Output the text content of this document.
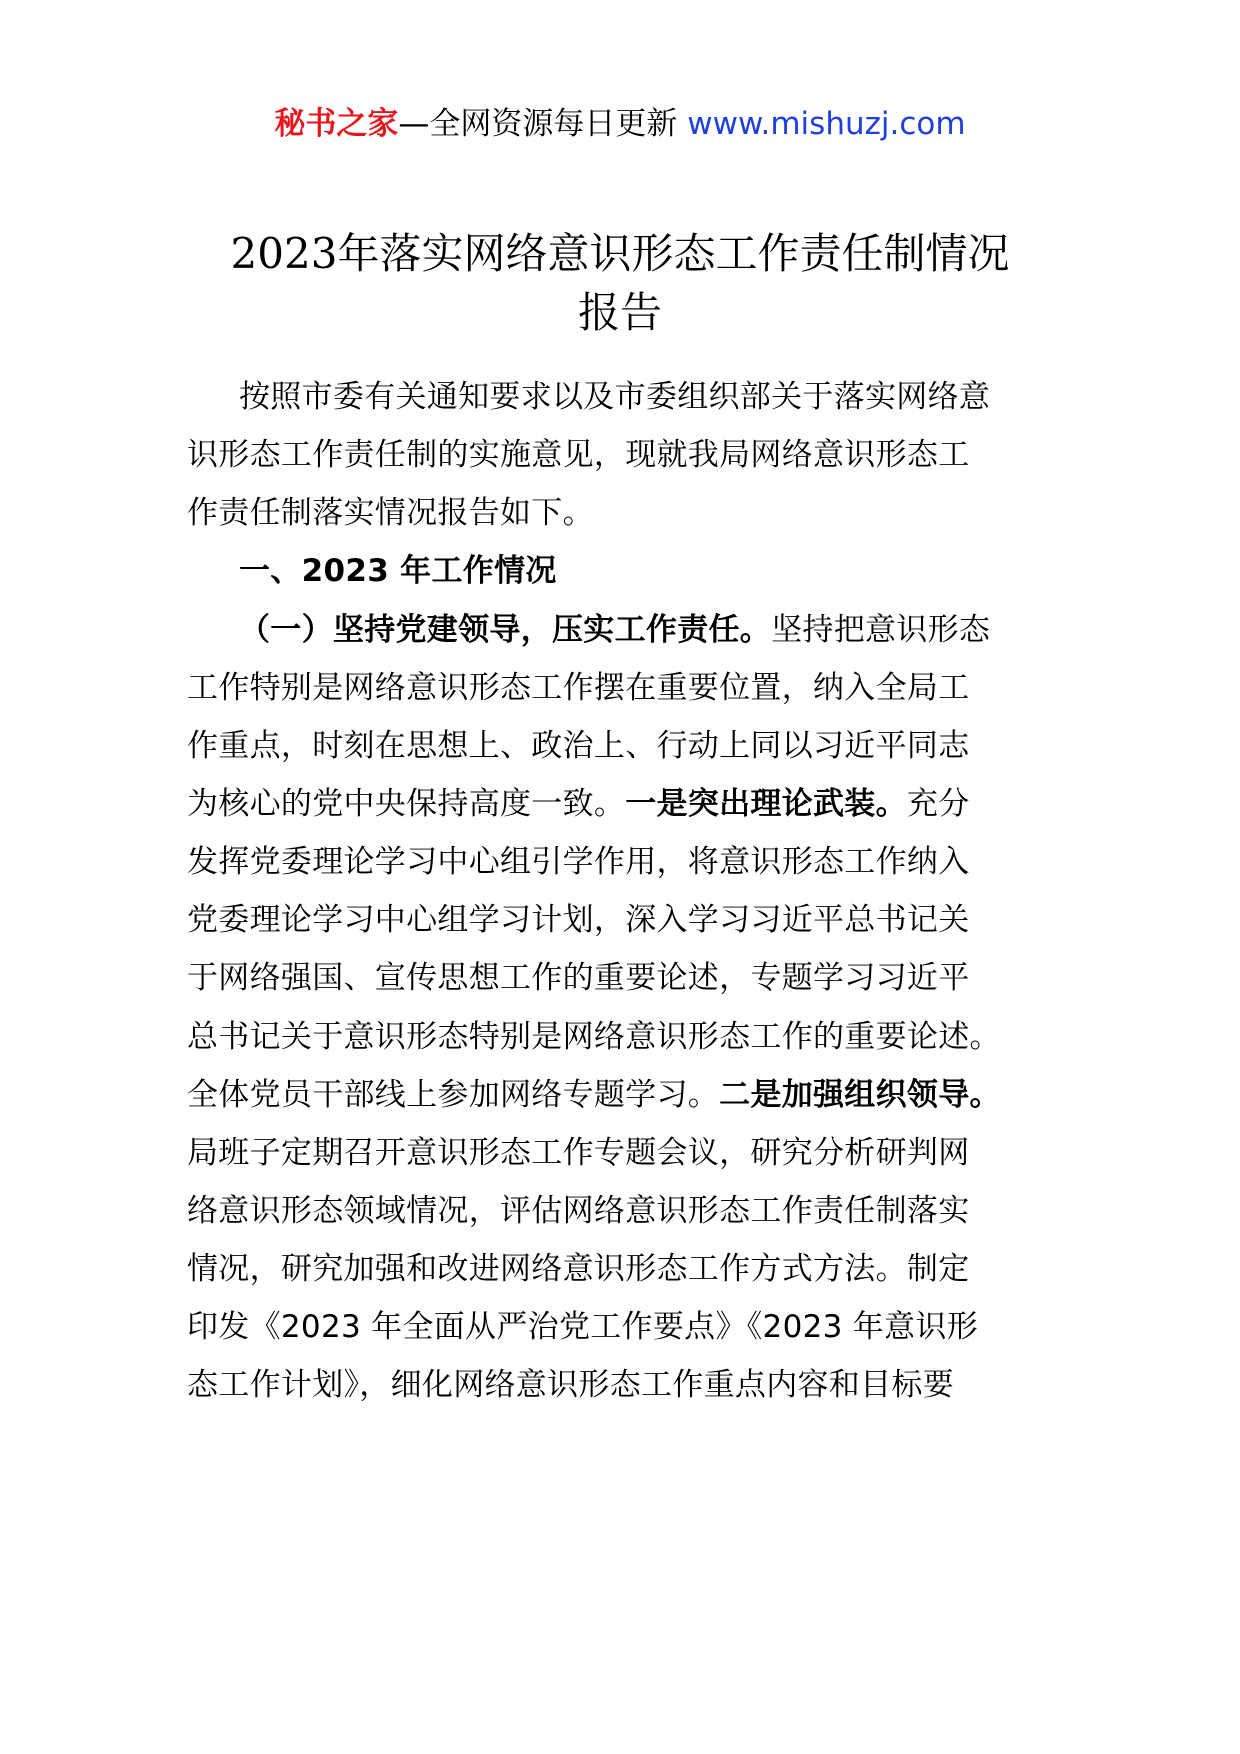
秘书之家—全网资源每日更新 www.mishuzj.com
2023年落实网络意识形态工作责任制情况
报告
按照市委有关通知要求以及市委组织部关于落实网络意
识形态工作责任制的实施意见，现就我局网络意识形态工
作责任制落实情况报告如下。
一、2023 年工作情况
（一）坚持党建领导，压实工作责任。坚持把意识形态
工作特别是网络意识形态工作摆在重要位置，纳入全局工
作重点，时刻在思想上、政治上、行动上同以习近平同志
为核心的党中央保持高度一致。一是突出理论武装。充分
发挥党委理论学习中心组引学作用，将意识形态工作纳入
党委理论学习中心组学习计划，深入学习习近平总书记关
于网络强国、宣传思想工作的重要论述，专题学习习近平
总书记关于意识形态特别是网络意识形态工作的重要论述。
全体党员干部线上参加网络专题学习。二是加强组织领导。
局班子定期召开意识形态工作专题会议，研究分析研判网
络意识形态领域情况，评估网络意识形态工作责任制落实
情况，研究加强和改进网络意识形态工作方式方法。制定
印发《2023 年全面从严治党工作要点》《2023 年意识形
态工作计划》，细化网络意识形态工作重点内容和目标要
